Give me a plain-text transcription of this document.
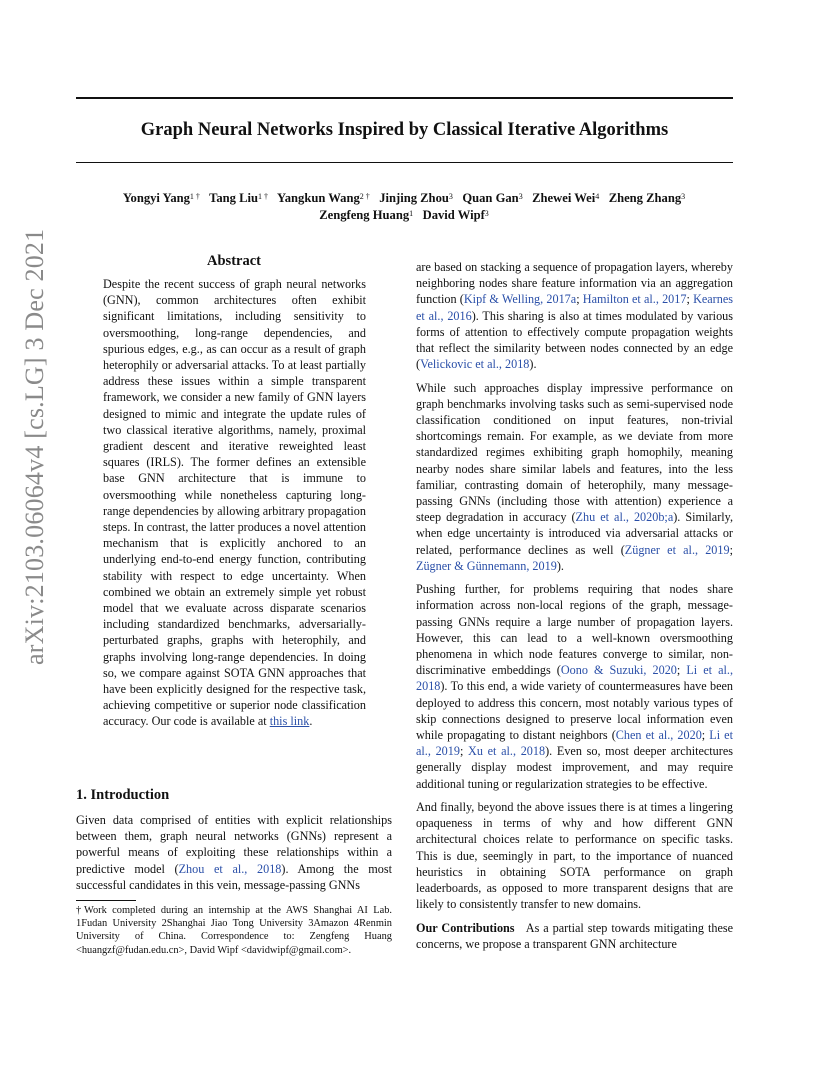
Graph Neural Networks Inspired by Classical Iterative Algorithms
Yongyi Yang$^{1 \dagger}$  Tang Liu$^{1 \dagger}$  Yangkun Wang$^{2 \dagger}$  Jinjing Zhou$^3$  Quan Gan$^3$  Zhewei Wei$^4$  Zheng Zhang$^3$
Zengfeng Huang$^1$  David Wipf$^3$
arXiv:2103.06064v4 [cs.LG] 3 Dec 2021	Abstract

Despite the recent success of graph neural networks (GNN), common architectures often exhibit significant limitations, including sensitivity to oversmoothing, long-range dependencies, and spurious edges, e.g., as can occur as a result of graph heterophily or adversarial attacks. To at least partially address these issues within a simple transparent framework, we consider a new family of GNN layers designed to mimic and integrate the update rules of two classical iterative algorithms, namely, proximal gradient descent and iterative reweighted least squares (IRLS). The former defines an extensible base GNN architecture that is immune to oversmoothing while nonetheless capturing long-range dependencies by allowing arbitrary propagation steps. In contrast, the latter produces a novel attention mechanism that is explicitly anchored to an underlying end-to-end energy function, contributing stability with respect to edge uncertainty. When combined we obtain an extremely simple yet robust model that we evaluate across disparate scenarios including standardized benchmarks, adversarially-perturbated graphs, graphs with heterophily, and graphs involving long-range dependencies. In doing so, we compare against SOTA GNN approaches that have been explicitly designed for the respective task, achieving competitive or superior node classification accuracy. Our code is available at this link.

1. Introduction

Given data comprised of entities with explicit relationships between them, graph neural networks (GNNs) represent a powerful means of exploiting these relationships within a predictive model (Zhou et al., 2018). Among the most successful candidates in this vein, message-passing GNNs

†Work completed during an internship at the AWS Shanghai AI Lab. 1Fudan University 2Shanghai Jiao Tong University 3Amazon 4Renmin University of China. Correspondence to: Zengfeng Huang <huangzf@fudan.edu.cn>, David Wipf <davidwipf@gmail.com>.

are based on stacking a sequence of propagation layers, whereby neighboring nodes share feature information via an aggregation function (Kipf & Welling, 2017a; Hamilton et al., 2017; Kearnes et al., 2016). This sharing is also at times modulated by various forms of attention to effectively compute propagation weights that reflect the similarity between nodes connected by an edge (Velickovic et al., 2018).

While such approaches display impressive performance on graph benchmarks involving tasks such as semi-supervised node classification conditioned on input features, non-trivial shortcomings remain. For example, as we deviate from more standardized regimes exhibiting graph homophily, meaning nearby nodes share similar labels and features, into the less familiar, contrasting domain of heterophily, many message-passing GNNs (including those with attention) experience a steep degradation in accuracy (Zhu et al., 2020b;a). Similarly, when edge uncertainty is introduced via adversarial attacks or related, performance declines as well (Zügner et al., 2019; Zügner & Günnemann, 2019).

Pushing further, for problems requiring that nodes share information across non-local regions of the graph, message-passing GNNs require a large number of propagation layers. However, this can lead to a well-known oversmoothing phenomena in which node features converge to similar, non-discriminative embeddings (Oono & Suzuki, 2020; Li et al., 2018). To this end, a wide variety of countermeasures have been deployed to address this concern, most notably various types of skip connections designed to preserve local information even while propagating to distant neighbors (Chen et al., 2020; Li et al., 2019; Xu et al., 2018). Even so, most deeper architectures generally display modest improvement, and may require additional tuning or regularization strategies to be effective.

And finally, beyond the above issues there is at times a lingering opaqueness in terms of why and how different GNN architectural choices relate to performance on specific tasks. This is due, seemingly in part, to the importance of nuanced heuristics in obtaining SOTA performance on graph leaderboards, as opposed to more transparent designs that are likely to consistently transfer to new domains.

Our Contributions As a partial step towards mitigating these concerns, we propose a transparent GNN architecture
